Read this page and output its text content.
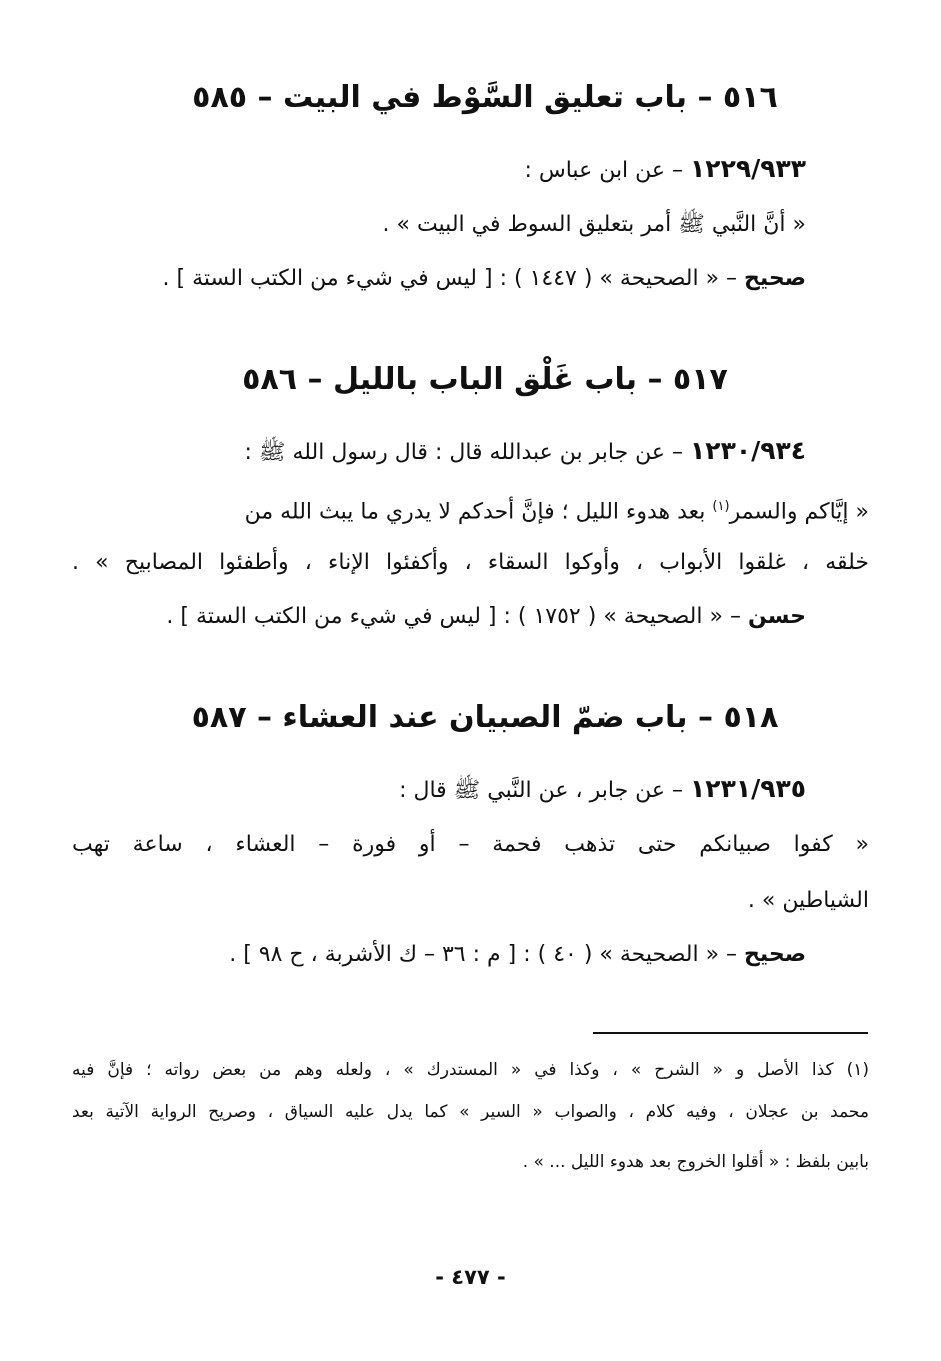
٥١٦ – باب تعليق السَّوْط في البيت – ٥٨٥
١٢٢٩/٩٣٣ – عن ابن عباس :
« أنَّ النَّبي ﷺ أمر بتعليق السوط في البيت » .
صحيح – « الصحيحة » ( ١٤٤٧ ) : [ ليس في شيء من الكتب الستة ] .
٥١٧ – باب غَلْق الباب بالليل – ٥٨٦
١٢٣٠/٩٣٤ – عن جابر بن عبدالله قال : قال رسول الله ﷺ :
« إيَّاكم والسمر$^{(١)}$ بعد هدوء الليل ؛ فإنَّ أحدكم لا يدري ما يبث الله من
خلقه ، غلقوا الأبواب ، وأوكوا السقاء ، وأكفئوا الإناء ، وأطفئوا المصابيح » .
حسن – « الصحيحة » ( ١٧٥٢ ) : [ ليس في شيء من الكتب الستة ] .
٥١٨ – باب ضمّ الصبيان عند العشاء – ٥٨٧
١٢٣١/٩٣٥ – عن جابر ، عن النَّبي ﷺ قال :
« كفوا صبيانكم حتى تذهب فحمة – أو فورة – العشاء ، ساعة تهب
الشياطين » .
صحيح – « الصحيحة » ( ٤٠ ) : [ م : ٣٦ – ك الأشربة ، ح ٩٨ ] .
(١) كذا الأصل و « الشرح » ، وكذا في « المستدرك » ، ولعله وهم من بعض رواته ؛ فإنَّ فيه
محمد بن عجلان ، وفيه كلام ، والصواب « السير » كما يدل عليه السياق ، وصريح الرواية الآتية بعد
بابين بلفظ : « أقلوا الخروج بعد هدوء الليل ... » .
- ٤٧٧ -
